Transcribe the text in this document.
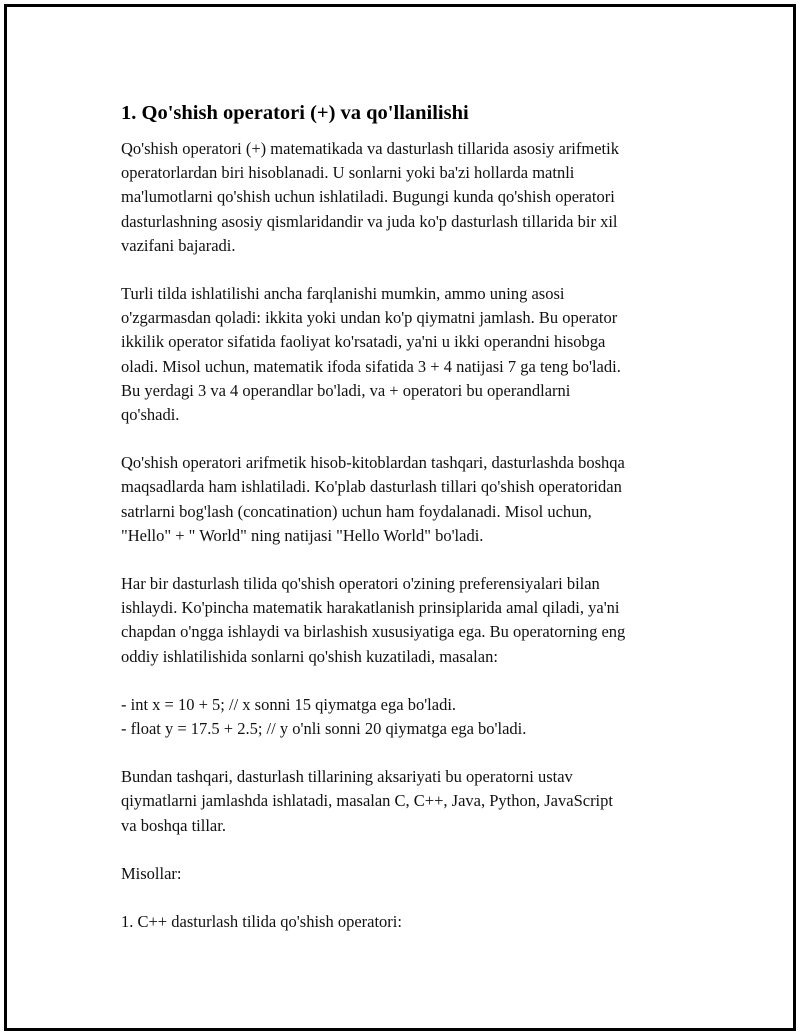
1. Qo'shish operatori (+) va qo'llanilishi
Qo'shish operatori (+) matematikada va dasturlash tillarida asosiy arifmetik
operatorlardan biri hisoblanadi. U sonlarni yoki ba'zi hollarda matnli
ma'lumotlarni qo'shish uchun ishlatiladi. Bugungi kunda qo'shish operatori
dasturlashning asosiy qismlaridandir va juda ko'p dasturlash tillarida bir xil
vazifani bajaradi.
Turli tilda ishlatilishi ancha farqlanishi mumkin, ammo uning asosi
o'zgarmasdan qoladi: ikkita yoki undan ko'p qiymatni jamlash. Bu operator
ikkilik operator sifatida faoliyat ko'rsatadi, ya'ni u ikki operandni hisobga
oladi. Misol uchun, matematik ifoda sifatida 3 + 4 natijasi 7 ga teng bo'ladi.
Bu yerdagi 3 va 4 operandlar bo'ladi, va + operatori bu operandlarni
qo'shadi.
Qo'shish operatori arifmetik hisob-kitoblardan tashqari, dasturlashda boshqa
maqsadlarda ham ishlatiladi. Ko'plab dasturlash tillari qo'shish operatoridan
satrlarni bog'lash (concatination) uchun ham foydalanadi. Misol uchun,
"Hello" + " World" ning natijasi "Hello World" bo'ladi.
Har bir dasturlash tilida qo'shish operatori o'zining preferensiyalari bilan
ishlaydi. Ko'pincha matematik harakatlanish prinsiplarida amal qiladi, ya'ni
chapdan o'ngga ishlaydi va birlashish xususiyatiga ega. Bu operatorning eng
oddiy ishlatilishida sonlarni qo'shish kuzatiladi, masalan:
- int x = 10 + 5; // x sonni 15 qiymatga ega bo'ladi.
- float y = 17.5 + 2.5; // y o'nli sonni 20 qiymatga ega bo'ladi.
Bundan tashqari, dasturlash tillarining aksariyati bu operatorni ustav
qiymatlarni jamlashda ishlatadi, masalan C, C++, Java, Python, JavaScript
va boshqa tillar.
Misollar:
1. C++ dasturlash tilida qo'shish operatori:
